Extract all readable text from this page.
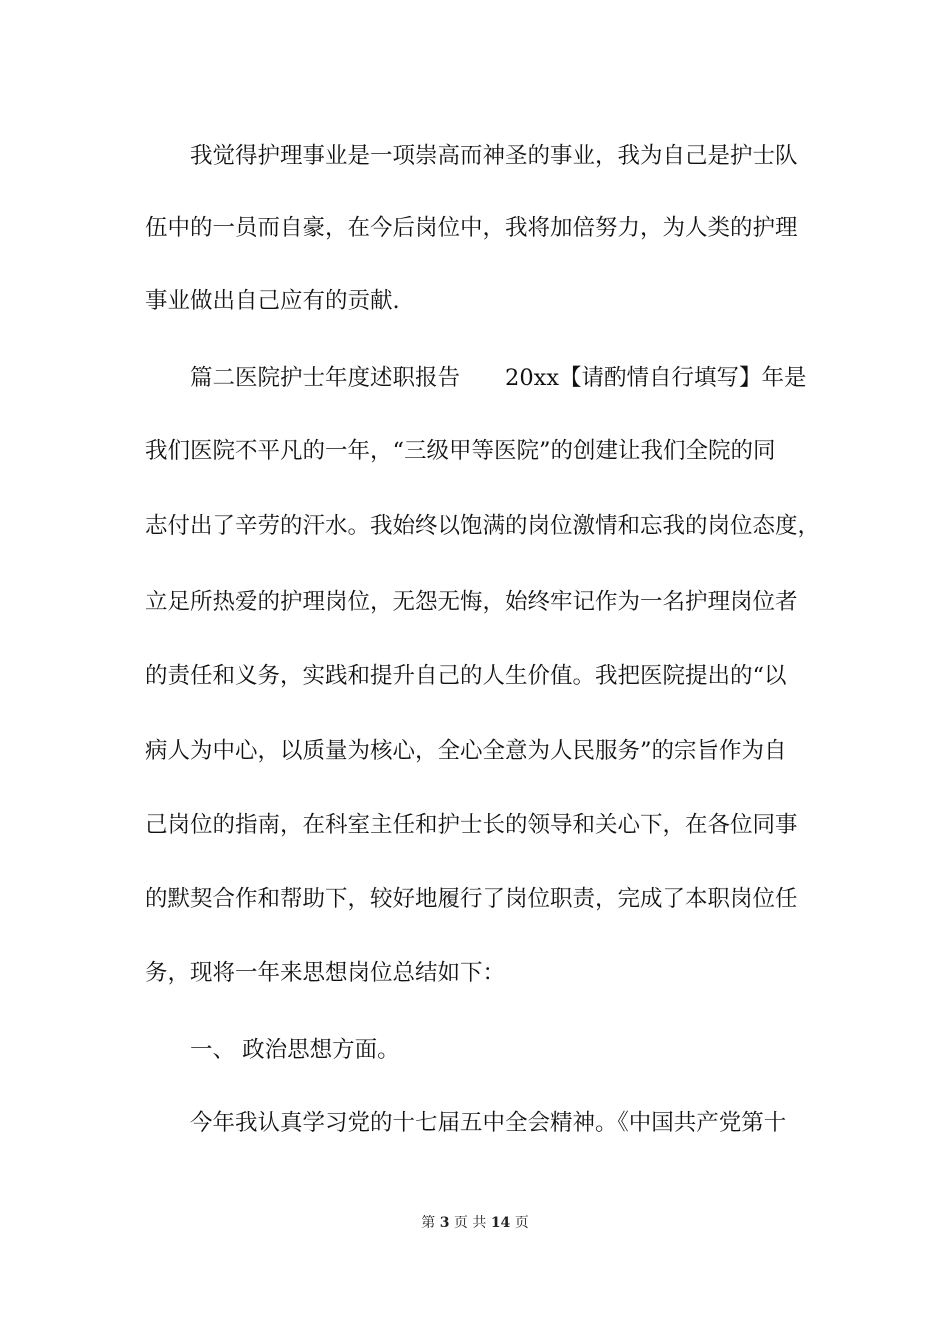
我觉得护理事业是一项崇高而神圣的事业，我为自己是护士队
伍中的一员而自豪，在今后岗位中，我将加倍努力，为人类的护理
事业做出自己应有的贡献.
篇二医院护士年度述职报告　　20xx【请酌情自行填写】年是
我们医院不平凡的一年，“三级甲等医院”的创建让我们全院的同
志付出了辛劳的汗水。我始终以饱满的岗位激情和忘我的岗位态度，
立足所热爱的护理岗位，无怨无悔，始终牢记作为一名护理岗位者
的责任和义务，实践和提升自己的人生价值。我把医院提出的“以
病人为中心，以质量为核心，全心全意为人民服务”的宗旨作为自
己岗位的指南，在科室主任和护士长的领导和关心下，在各位同事
的默契合作和帮助下，较好地履行了岗位职责，完成了本职岗位任
务，现将一年来思想岗位总结如下：
一、 政治思想方面。
今年我认真学习党的十七届五中全会精神。《中国共产党第十
第 3 页 共 14 页
